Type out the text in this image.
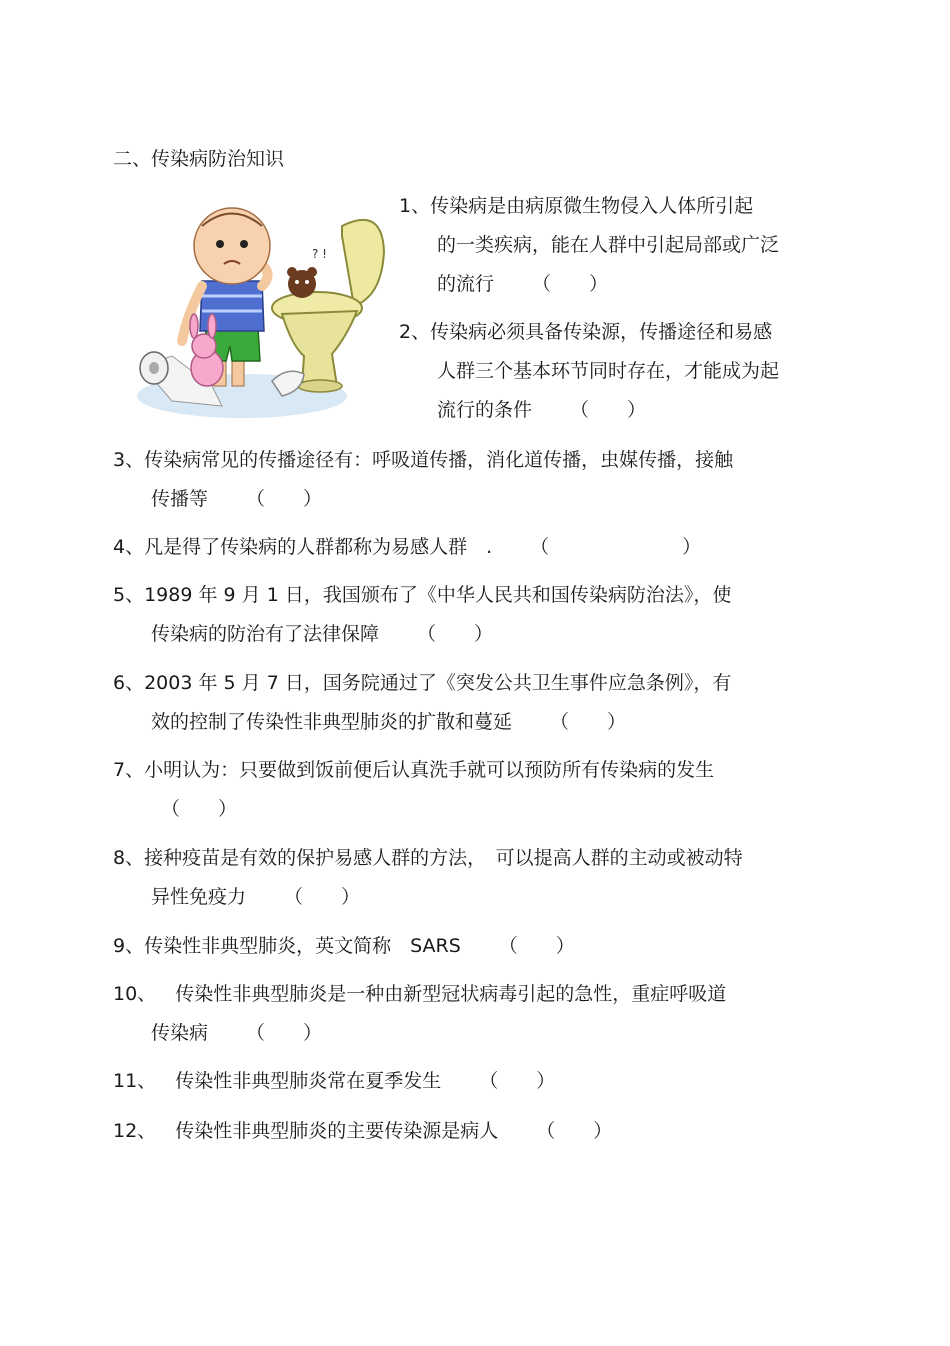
二、传染病防治知识
? !
1、传染病是由病原微生物侵入人体所引起
的一类疾病，能在人群中引起局部或广泛
的流行 （　　）
2、传染病必须具备传染源，传播途径和易感
人群三个基本环节同时存在，才能成为起
流行的条件 （　　）
3、传染病常见的传播途径有：呼吸道传播，消化道传播，虫媒传播，接触
传播等 （　　）
4、凡是得了传染病的人群都称为易感人群　. （　　　　　　　）
5、1989 年 9 月 1 日，我国颁布了《中华人民共和国传染病防治法》，使
传染病的防治有了法律保障 （　　）
6、2003 年 5 月 7 日，国务院通过了《突发公共卫生事件应急条例》，有
效的控制了传染性非典型肺炎的扩散和蔓延 （　　）
7、小明认为：只要做到饭前便后认真洗手就可以预防所有传染病的发生
（　　）
8、接种疫苗是有效的保护易感人群的方法，　可以提高人群的主动或被动特
异性免疫力 （　　）
9、传染性非典型肺炎，英文简称　SARS （　　）
10、　传染性非典型肺炎是一种由新型冠状病毒引起的急性，重症呼吸道
传染病 （　　）
11、　传染性非典型肺炎常在夏季发生 （　　）
12、　传染性非典型肺炎的主要传染源是病人 （　　）
